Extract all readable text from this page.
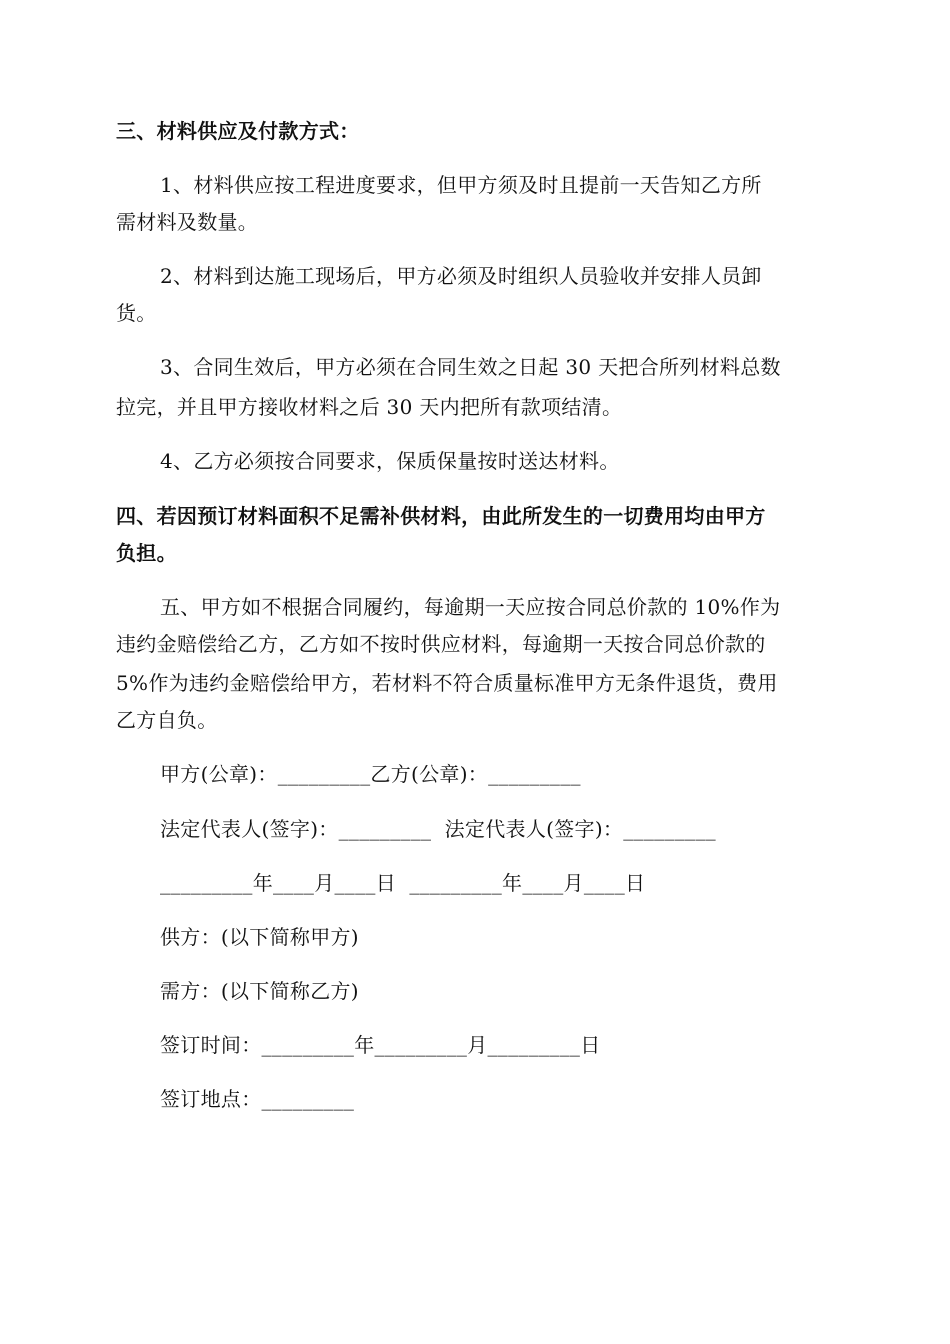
三、材料供应及付款方式：
1、材料供应按工程进度要求，但甲方须及时且提前一天告知乙方所
需材料及数量。
2、材料到达施工现场后，甲方必须及时组织人员验收并安排人员卸
货。
3、合同生效后，甲方必须在合同生效之日起 30 天把合所列材料总数
拉完，并且甲方接收材料之后 30 天内把所有款项结清。
4、乙方必须按合同要求，保质保量按时送达材料。
四、若因预订材料面积不足需补供材料，由此所发生的一切费用均由甲方
负担。
五、甲方如不根据合同履约，每逾期一天应按合同总价款的 10%作为
违约金赔偿给乙方，乙方如不按时供应材料，每逾期一天按合同总价款的
5%作为违约金赔偿给甲方，若材料不符合质量标准甲方无条件退货，费用
乙方自负。
甲方(公章)：_________乙方(公章)：_________
法定代表人(签字)：_________  法定代表人(签字)：_________
_________年____月____日  _________年____月____日
供方：(以下简称甲方)
需方：(以下简称乙方)
签订时间：_________年_________月_________日
签订地点：_________
